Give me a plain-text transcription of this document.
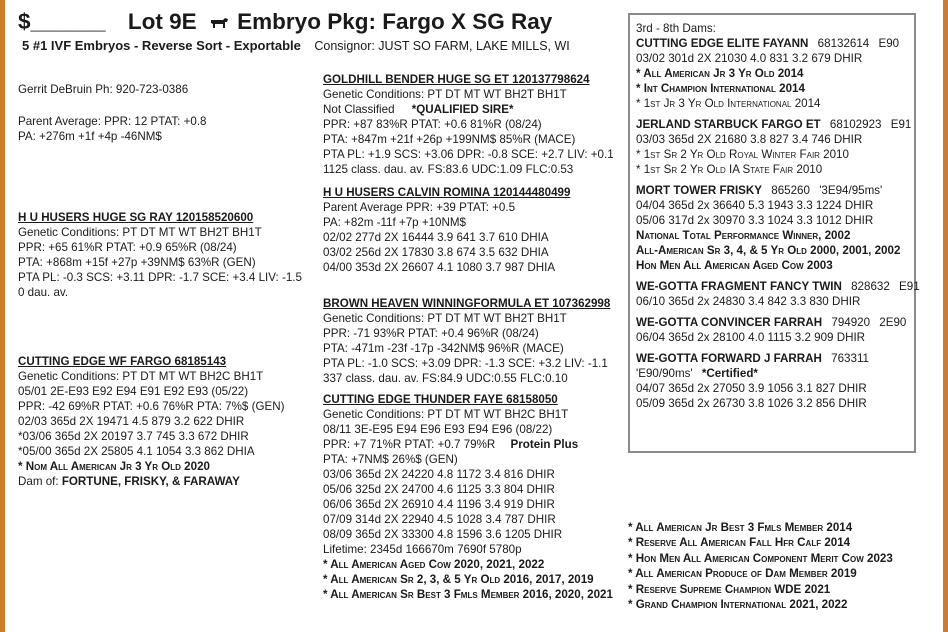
$______ Lot 9E Embryo Pkg: Fargo X SG Ray
5 #1 IVF Embryos - Reverse Sort - Exportable Consignor: JUST SO FARM, LAKE MILLS, WI
Gerrit DeBruin Ph: 920-723-0386
Parent Average: PPR: 12 PTAT: +0.8
PA: +276m +1f +4p -46NM$
H U HUSERS HUGE SG RAY 120158520600
Genetic Conditions: PT DT MT WT BH2T BH1T
PPR: +65 61%R PTAT: +0.9 65%R (08/24)
PTA: +868m +15f +27p +39NM$ 63%R (GEN)
PTA PL: -0.3 SCS: +3.11 DPR: -1.7 SCE: +3.4 LIV: -1.5
0 dau. av.
CUTTING EDGE WF FARGO 68185143
Genetic Conditions: PT DT MT WT BH2C BH1T
05/01 2E-E93 E92 E94 E91 E92 E93 (05/22)
PPR: -42 69%R PTAT: +0.6 76%R PTA: 7%$ (GEN)
02/03 365d 2X 19471 4.5 879 3.2 622 DHIR
*03/06 365d 2X 20197 3.7 745 3.3 672 DHIR
*05/00 365d 2X 25805 4.1 1054 3.3 862 DHIA
* Nom All American Jr 3 Yr Old 2020
Dam of: FORTUNE, FRISKY, & FARAWAY
GOLDHILL BENDER HUGE SG ET 120137798624
Genetic Conditions: PT DT MT WT BH2T BH1T
Not Classified *QUALIFIED SIRE*
PPR: +87 83%R PTAT: +0.6 81%R (08/24)
PTA: +847m +21f +26p +199NM$ 85%R (MACE)
PTA PL: +1.9 SCS: +3.06 DPR: -0.8 SCE: +2.7 LIV: +0.1
1125 class. dau. av. FS:83.6 UDC:1.09 FLC:0.53
H U HUSERS CALVIN ROMINA 120144480499
Parent Average PPR: +39 PTAT: +0.5
PA: +82m -11f +7p +10NM$
02/02 277d 2X 16444 3.9 641 3.7 610 DHIA
03/02 256d 2X 17830 3.8 674 3.5 632 DHIA
04/00 353d 2X 26607 4.1 1080 3.7 987 DHIA
BROWN HEAVEN WINNINGFORMULA ET 107362998
Genetic Conditions: PT DT MT WT BH2T BH1T
PPR: -71 93%R PTAT: +0.4 96%R (08/24)
PTA: -471m -23f -17p -342NM$ 96%R (MACE)
PTA PL: -1.0 SCS: +3.09 DPR: -1.3 SCE: +3.2 LIV: -1.1
337 class. dau. av. FS:84.9 UDC:0.55 FLC:0.10
CUTTING EDGE THUNDER FAYE 68158050
Genetic Conditions: PT DT MT WT BH2C BH1T
08/11 3E-E95 E94 E96 E93 E94 E96 (08/22)
PPR: +7 71%R PTAT: +0.7 79%R Protein Plus
PTA: +7NM$ 26%$ (GEN)
03/06 365d 2X 24220 4.8 1172 3.4 816 DHIR
05/06 325d 2X 24700 4.6 1125 3.3 804 DHIR
06/06 365d 2X 26910 4.4 1196 3.4 919 DHIR
07/09 314d 2X 22940 4.5 1028 3.4 787 DHIR
08/09 365d 2X 33300 4.8 1596 3.6 1205 DHIR
Lifetime: 2345d 166670m 7690f 5780p
* All American Aged Cow 2020, 2021, 2022
* All American Sr 2, 3, & 5 Yr Old 2016, 2017, 2019
* All American Sr Best 3 Fmls Member 2016, 2020, 2021
3rd - 8th Dams:
CUTTING EDGE ELITE FAYANN 68132614 E90
03/02 301d 2X 21030 4.0 831 3.2 679 DHIR
* All American Jr 3 Yr Old 2014
* Int Champion International 2014
* 1st Jr 3 Yr Old International 2014
JERLAND STARBUCK FARGO ET 68102923 E91
03/03 365d 2X 21680 3.8 827 3.4 746 DHIR
* 1st Sr 2 Yr Old Royal Winter Fair 2010
* 1st Sr 2 Yr Old IA State Fair 2010
MORT TOWER FRISKY 865260 '3E94/95ms'
04/04 365d 2x 36640 5.3 1943 3.3 1224 DHIR
05/06 317d 2x 30970 3.3 1024 3.3 1012 DHIR
National Total Performance Winner, 2002
All-American Sr 3, 4, & 5 Yr Old 2000, 2001, 2002
Hon Men All American Aged Cow 2003
WE-GOTTA FRAGMENT FANCY TWIN 828632 E91
06/10 365d 2x 24830 3.4 842 3.3 830 DHIR
WE-GOTTA CONVINCER FARRAH 794920 2E90
06/04 365d 2x 28100 4.0 1115 3.2 909 DHIR
WE-GOTTA FORWARD J FARRAH 763311
'E90/90ms' *Certified*
04/07 365d 2x 27050 3.9 1056 3.1 827 DHIR
05/09 365d 2x 26730 3.8 1026 3.2 856 DHIR
* All American Jr Best 3 Fmls Member 2014
* Reserve All American Fall Hfr Calf 2014
* Hon Men All American Component Merit Cow 2023
* All American Produce of Dam Member 2019
* Reserve Supreme Champion WDE 2021
* Grand Champion International 2021, 2022
